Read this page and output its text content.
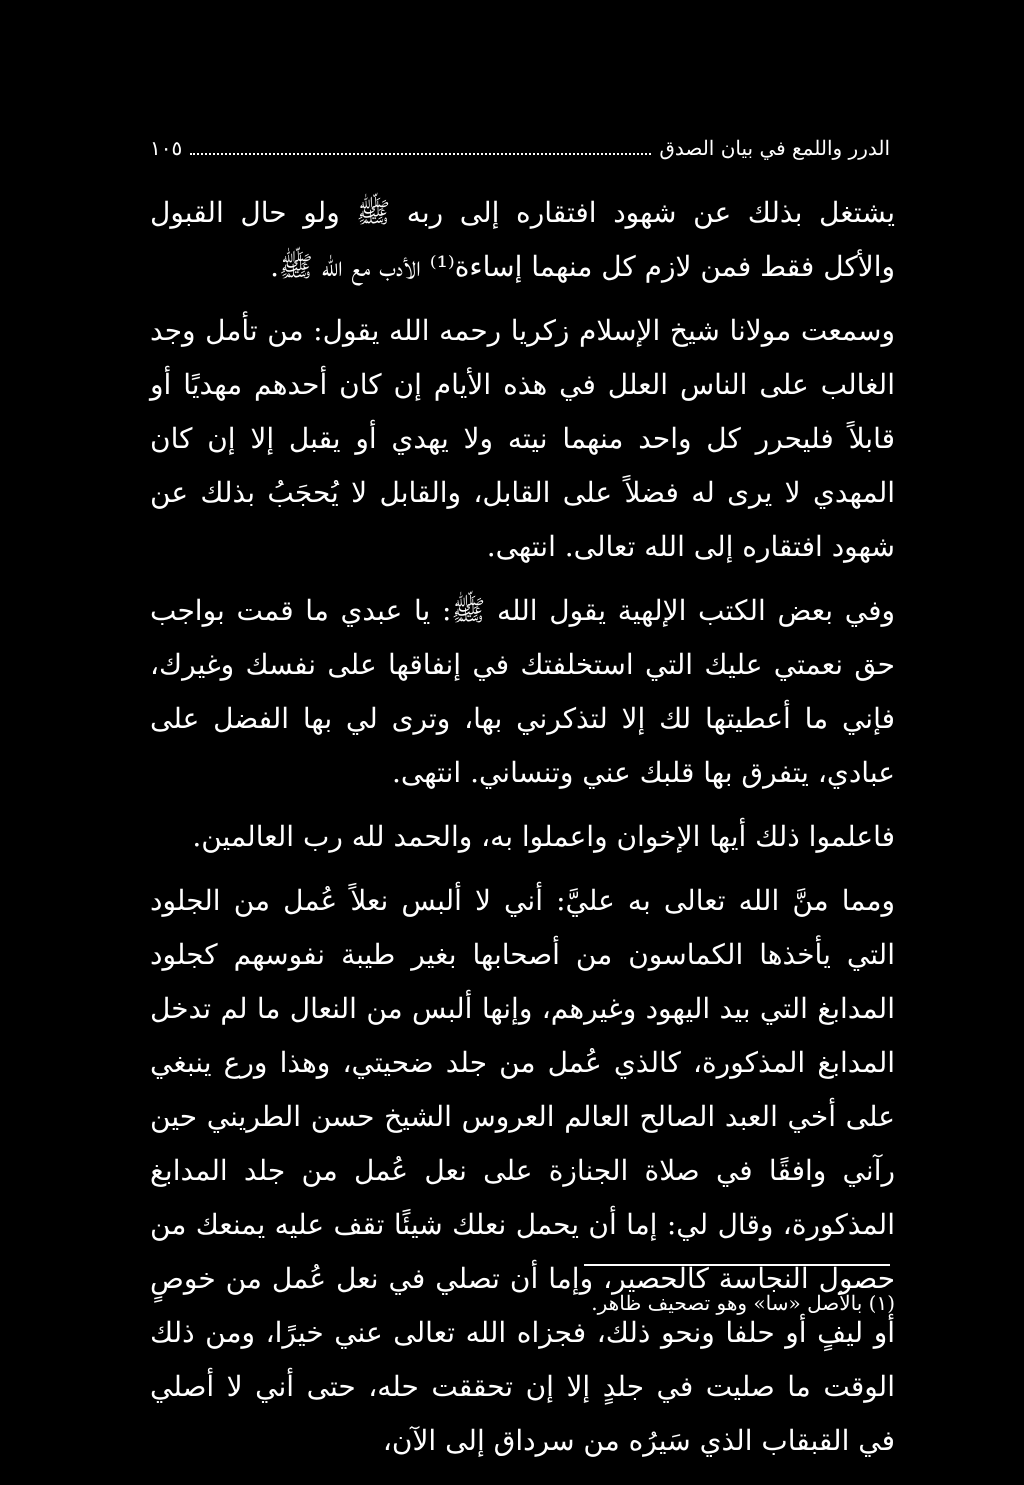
الدرر واللمع في بيان الصدق
١٠٥

يشتغل بذلك عن شهود افتقاره إلى ربه ﷺ ولو حال القبول والأكل فقط فمن لازم كل منهما إساءة⁽¹⁾ الأدب مع الله ﷺ.

وسمعت مولانا شيخ الإسلام زكريا رحمه الله يقول: من تأمل وجد الغالب على الناس العلل في هذه الأيام إن كان أحدهم مهديًا أو قابلاً فليحرر كل واحد منهما نيته ولا يهدي أو يقبل إلا إن كان المهدي لا يرى له فضلاً على القابل، والقابل لا يُحجَبُ بذلك عن شهود افتقاره إلى الله تعالى. انتهى.

وفي بعض الكتب الإلهية يقول الله ﷺ: يا عبدي ما قمت بواجب حق نعمتي عليك التي استخلفتك في إنفاقها على نفسك وغيرك، فإني ما أعطيتها لك إلا لتذكرني بها، وترى لي بها الفضل على عبادي، يتفرق بها قلبك عني وتنساني. انتهى.

فاعلموا ذلك أيها الإخوان واعملوا به، والحمد لله رب العالمين.

ومما منَّ الله تعالى به عليَّ: أني لا ألبس نعلاً عُمل من الجلود التي يأخذها الكماسون من أصحابها بغير طيبة نفوسهم كجلود المدابغ التي بيد اليهود وغيرهم، وإنها ألبس من النعال ما لم تدخل المدابغ المذكورة، كالذي عُمل من جلد ضحيتي، وهذا ورع ينبغي على أخي العبد الصالح العالم العروس الشيخ حسن الطريني حين رآني وافقًا في صلاة الجنازة على نعل عُمل من جلد المدابغ المذكورة، وقال لي: إما أن يحمل نعلك شيئًا تقف عليه يمنعك من حصول النجاسة كالحصير، وإما أن تصلي في نعل عُمل من خوصٍ أو ليفٍ أو حلفا ونحو ذلك، فجزاه الله تعالى عني خيرًا، ومن ذلك الوقت ما صليت في جلدٍ إلا إن تحققت حله، حتى أني لا أصلي في القبقاب الذي سَيرُه من سرداق إلى الآن،

(١) بالأصل «سا» وهو تصحيف ظاهر.
